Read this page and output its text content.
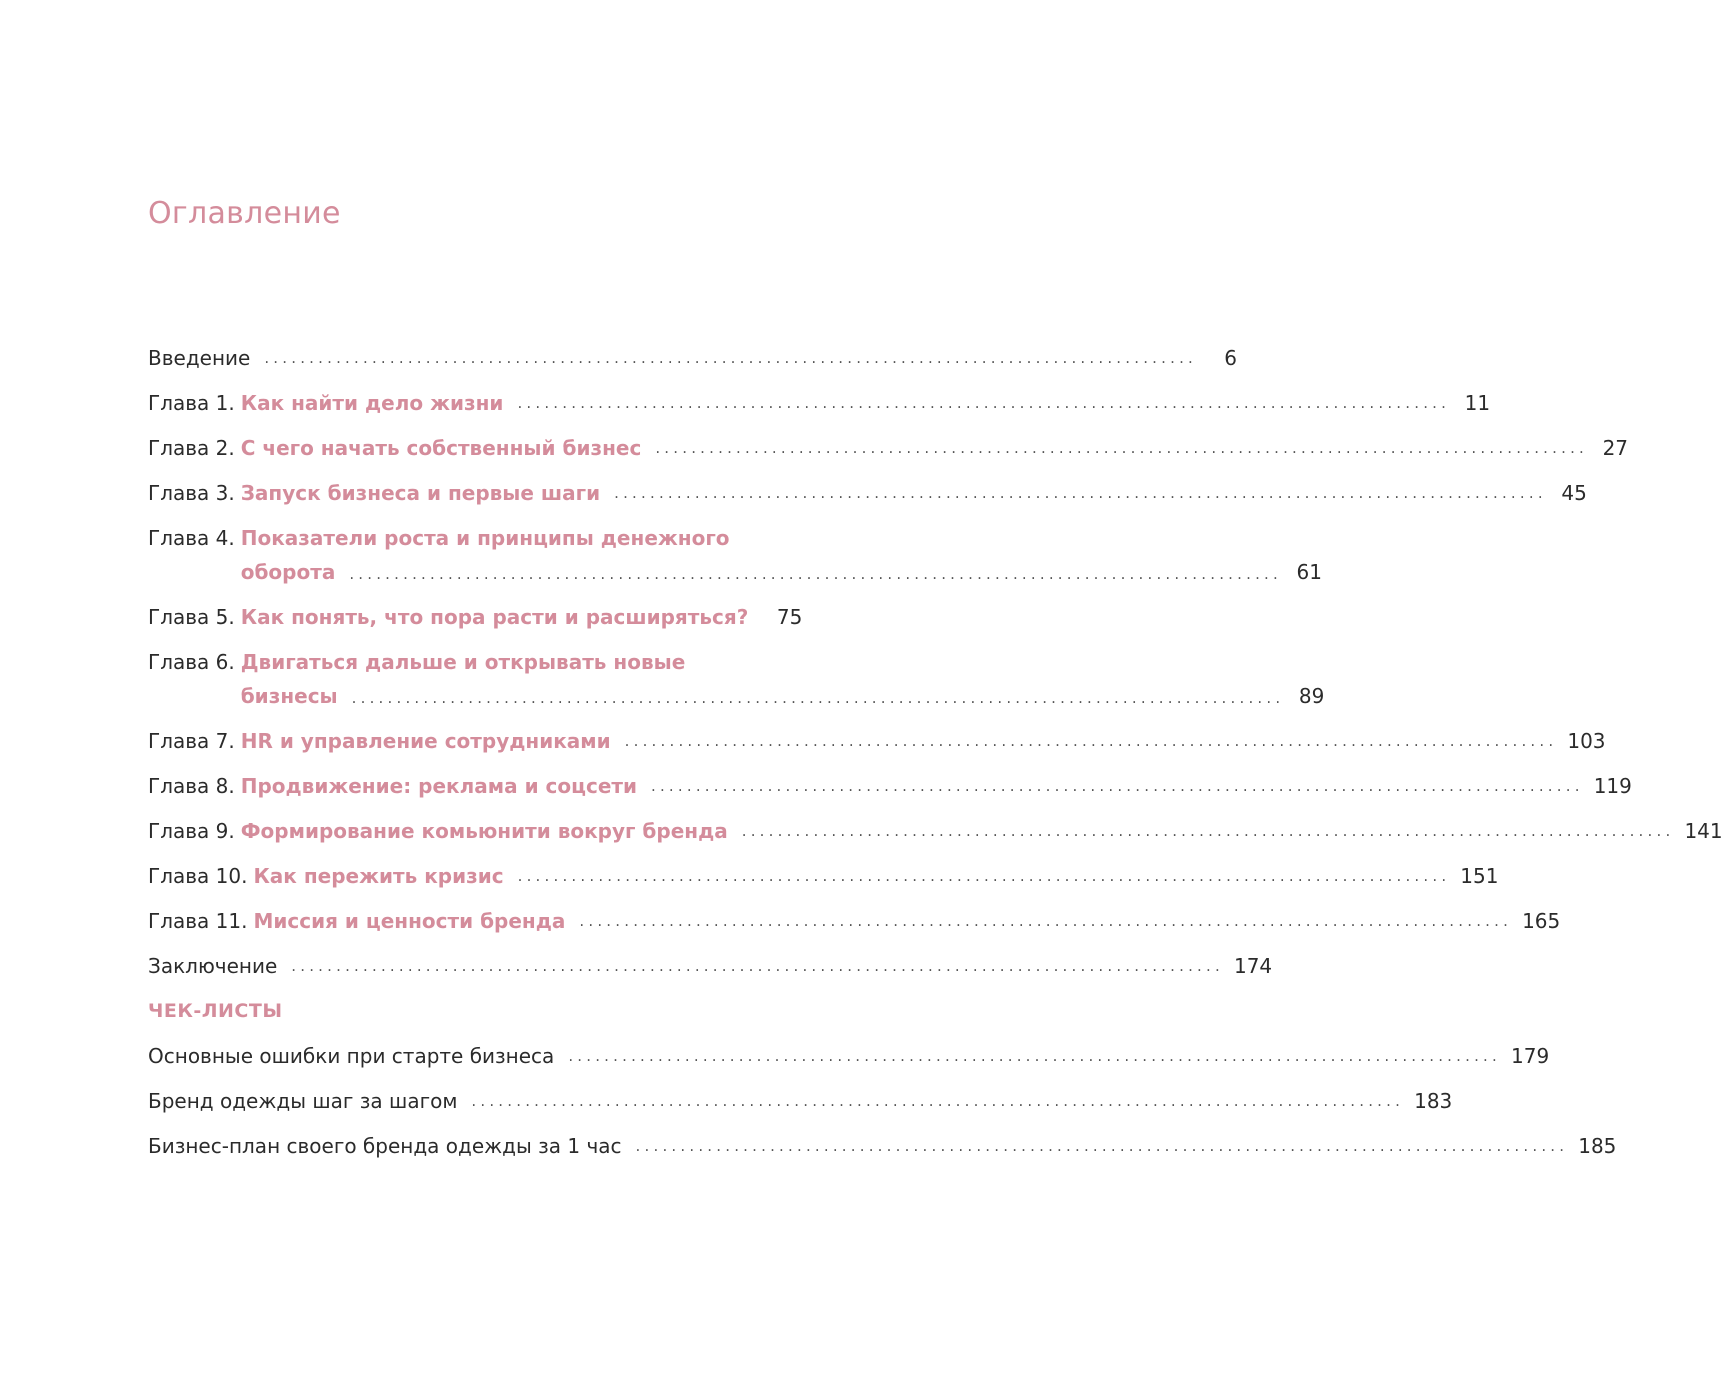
Оглавление
Введение ........................................................................................................	6
Глава 1. Как найти дело жизни ........................................................................................................ 11
Глава 2. С чего начать собственный бизнес ........................................................................................................ 27
Глава 3. Запуск бизнеса и первые шаги ........................................................................................................ 45
Глава 4. Показатели роста и принципы денежного
оборота ........................................................................................................ 61
Глава 5. Как понять, что пора расти и расширяться? 75
Глава 6. Двигаться дальше и открывать новые
бизнесы ........................................................................................................ 89
Глава 7. HR и управление сотрудниками ........................................................................................................ 103
Глава 8. Продвижение: реклама и соцсети ........................................................................................................ 119
Глава 9. Формирование комьюнити вокруг бренда ........................................................................................................ 141
Глава 10. Как пережить кризис ........................................................................................................ 151
Глава 11. Миссия и ценности бренда ........................................................................................................ 165
Заключение ........................................................................................................ 174
ЧЕК-ЛИСТЫ
Основные ошибки при старте бизнеса ........................................................................................................ 179
Бренд одежды шаг за шагом ........................................................................................................ 183
Бизнес-план своего бренда одежды за 1 час ........................................................................................................ 185
